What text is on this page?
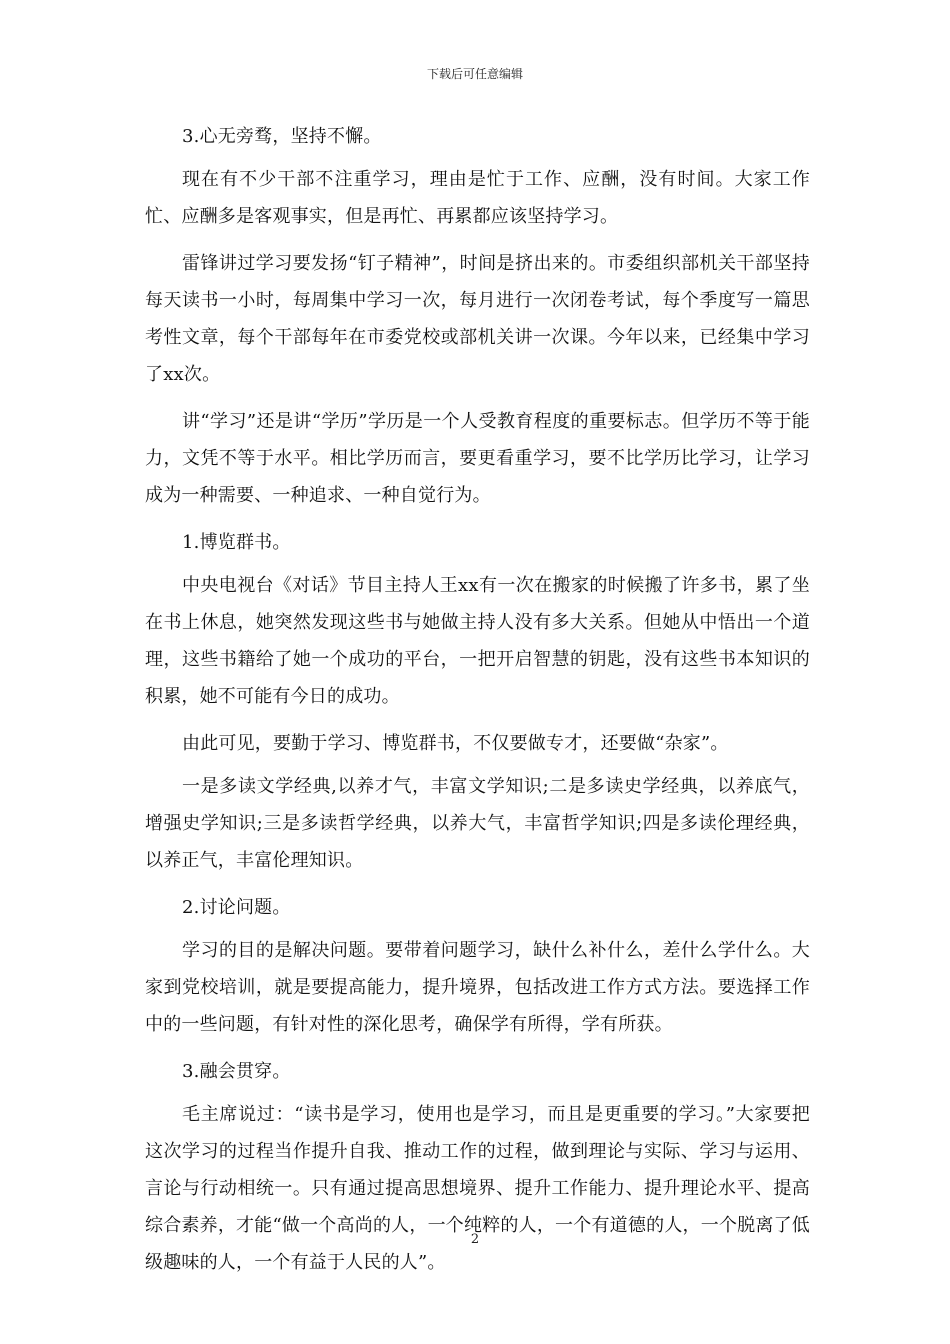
下载后可任意编辑

3.心无旁骛，坚持不懈。

现在有不少干部不注重学习，理由是忙于工作、应酬，没有时间。大家工作忙、应酬多是客观事实，但是再忙、再累都应该坚持学习。

雷锋讲过学习要发扬“钉子精神”，时间是挤出来的。市委组织部机关干部坚持每天读书一小时，每周集中学习一次，每月进行一次闭卷考试，每个季度写一篇思考性文章，每个干部每年在市委党校或部机关讲一次课。今年以来，已经集中学习了xx次。

讲“学习”还是讲“学历”学历是一个人受教育程度的重要标志。但学历不等于能力，文凭不等于水平。相比学历而言，要更看重学习，要不比学历比学习，让学习成为一种需要、一种追求、一种自觉行为。

1.博览群书。

中央电视台《对话》节目主持人王xx有一次在搬家的时候搬了许多书，累了坐在书上休息，她突然发现这些书与她做主持人没有多大关系。但她从中悟出一个道理，这些书籍给了她一个成功的平台，一把开启智慧的钥匙，没有这些书本知识的积累，她不可能有今日的成功。

由此可见，要勤于学习、博览群书，不仅要做专才，还要做“杂家”。

一是多读文学经典,以养才气，丰富文学知识;二是多读史学经典，以养底气，增强史学知识;三是多读哲学经典，以养大气，丰富哲学知识;四是多读伦理经典，以养正气，丰富伦理知识。

2.讨论问题。

学习的目的是解决问题。要带着问题学习，缺什么补什么，差什么学什么。大家到党校培训，就是要提高能力，提升境界，包括改进工作方式方法。要选择工作中的一些问题，有针对性的深化思考，确保学有所得，学有所获。

3.融会贯穿。

毛主席说过：“读书是学习，使用也是学习，而且是更重要的学习。”大家要把这次学习的过程当作提升自我、推动工作的过程，做到理论与实际、学习与运用、言论与行动相统一。只有通过提高思想境界、提升工作能力、提升理论水平、提高综合素养，才能“做一个高尚的人，一个纯粹的人，一个有道德的人，一个脱离了低级趣味的人，一个有益于人民的人”。

2
